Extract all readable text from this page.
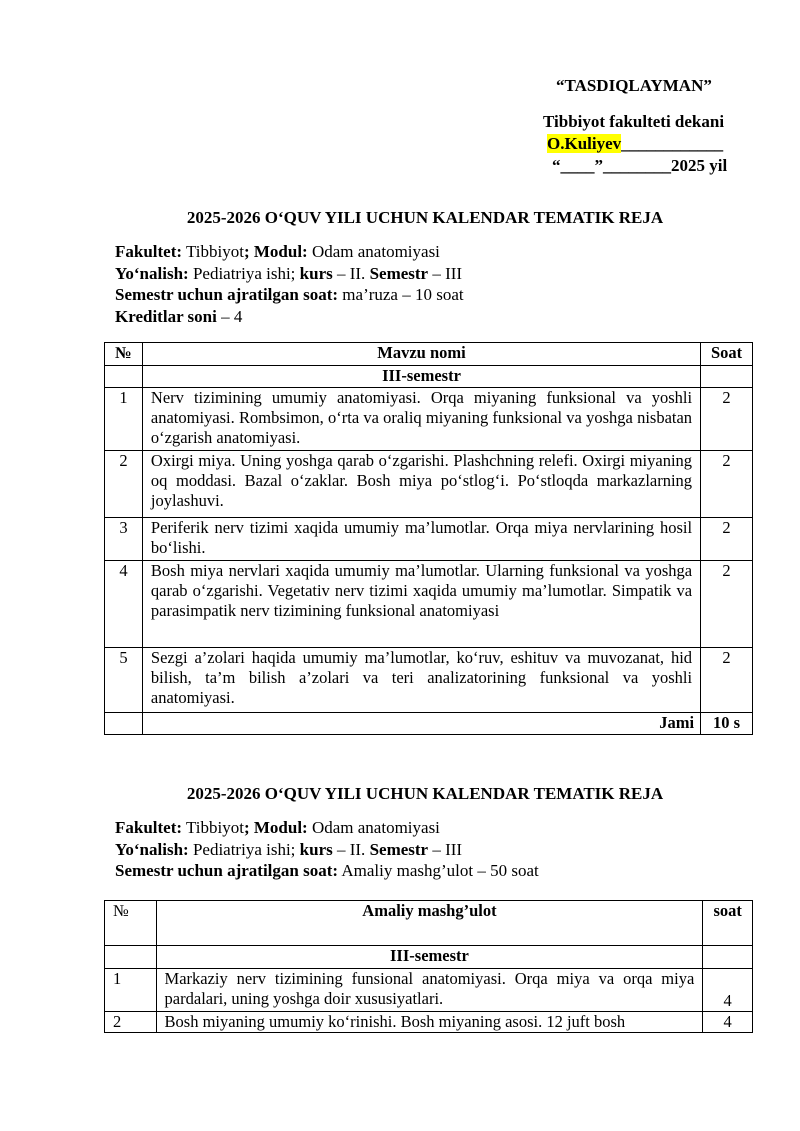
“TASDIQLAYMAN”
Tibbiyot fakulteti dekani
O.Kuliyev____________
“____”________2025 yil
2025-2026 O‘QUV YILI UCHUN KALENDAR TEMATIK REJA
Fakultet: Tibbiyot; Modul: Odam anatomiyasi
Yo‘nalish: Pediatriya ishi; kurs – II. Semestr – III
Semestr uchun ajratilgan soat: ma’ruza – 10 soat
Kreditlar soni – 4
№	Mavzu nomi	Soat
	III-semestr	
1	Nerv tizimining umumiy anatomiyasi. Orqa miyaning funksional va yoshli anatomiyasi. Rombsimon, o‘rta va oraliq miyaning funksional va yoshga nisbatan o‘zgarish anatomiyasi.	2
2	Oxirgi miya. Uning yoshga qarab o‘zgarishi. Plashchning relefi. Oxirgi miyaning oq moddasi. Bazal o‘zaklar. Bosh miya po‘stlog‘i. Po‘stloqda markazlarning joylashuvi.	2
3	Periferik nerv tizimi xaqida umumiy ma’lumotlar. Orqa miya nervlarining hosil bo‘lishi.	2
4	Bosh miya nervlari xaqida umumiy ma’lumotlar. Ularning funksional va yoshga qarab o‘zgarishi. Vegetativ nerv tizimi xaqida umumiy ma’lumotlar. Simpatik va parasimpatik nerv tizimining funksional anatomiyasi	2
5	Sezgi a’zolari haqida umumiy ma’lumotlar, ko‘ruv, eshituv va muvozanat, hid bilish, ta’m bilish a’zolari va teri analizatorining funksional va yoshli anatomiyasi.	2
	Jami	10 s
2025-2026 O‘QUV YILI UCHUN KALENDAR TEMATIK REJA
Fakultet: Tibbiyot; Modul: Odam anatomiyasi
Yo‘nalish: Pediatriya ishi; kurs – II. Semestr – III
Semestr uchun ajratilgan soat: Amaliy mashg’ulot – 50 soat
№	Amaliy mashg’ulot	soat
	III-semestr	
1	Markaziy nerv tizimining funsional anatomiyasi. Orqa miya va orqa miya pardalari, uning yoshga doir xususiyatlari.	4
2	Bosh miyaning umumiy ko‘rinishi. Bosh miyaning asosi. 12 juft bosh	4
